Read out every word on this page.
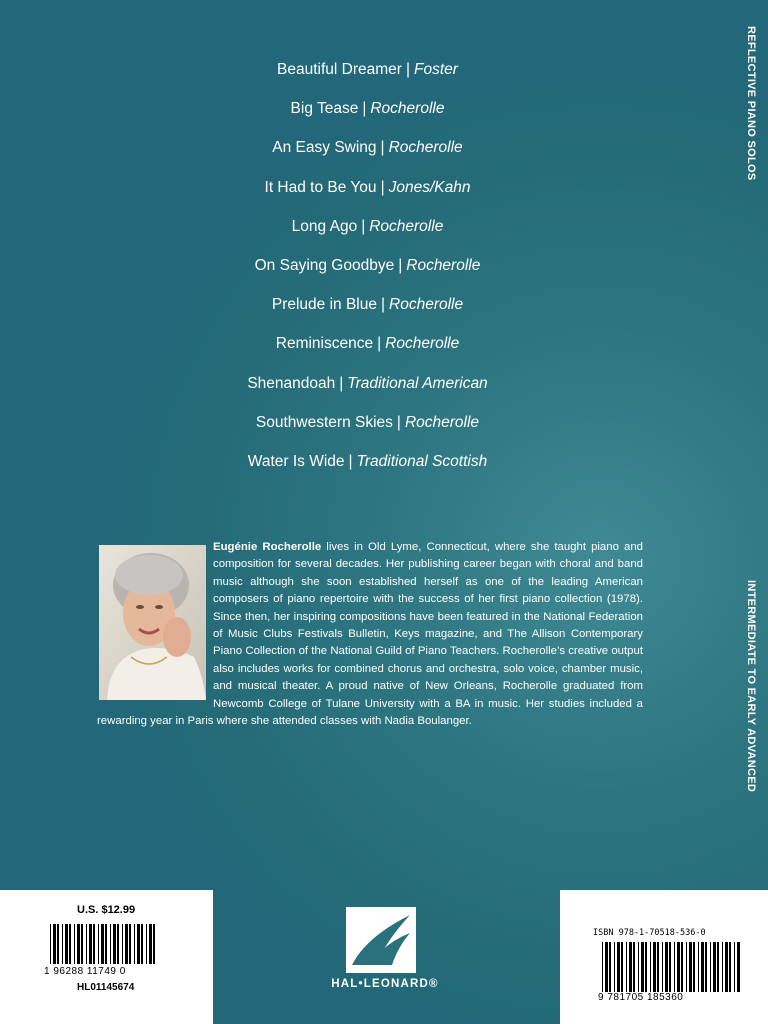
Beautiful Dreamer | Foster
Big Tease | Rocherolle
An Easy Swing | Rocherolle
It Had to Be You | Jones/Kahn
Long Ago | Rocherolle
On Saying Goodbye | Rocherolle
Prelude in Blue | Rocherolle
Reminiscence | Rocherolle
Shenandoah | Traditional American
Southwestern Skies | Rocherolle
Water Is Wide | Traditional Scottish
REFLECTIVE PIANO SOLOS
INTERMEDIATE TO EARLY ADVANCED
Eugénie Rocherolle lives in Old Lyme, Connecticut, where she taught piano and composition for several decades. Her publishing career began with choral and band music although she soon established herself as one of the leading American composers of piano repertoire with the success of her first piano collection (1978). Since then, her inspiring compositions have been featured in the National Federation of Music Clubs Festivals Bulletin, Keys magazine, and The Allison Contemporary Piano Collection of the National Guild of Piano Teachers. Rocherolle’s creative output also includes works for combined chorus and orchestra, solo voice, chamber music, and musical theater. A proud native of New Orleans, Rocherolle graduated from Newcomb College of Tulane University with a BA in music. Her studies included a rewarding year in Paris where she attended classes with Nadia Boulanger.
U.S. $12.99
1 96288 11749 0
HL01145674	HAL•LEONARD®
ISBN 978-1-70518-536-0
9 781705 185360
